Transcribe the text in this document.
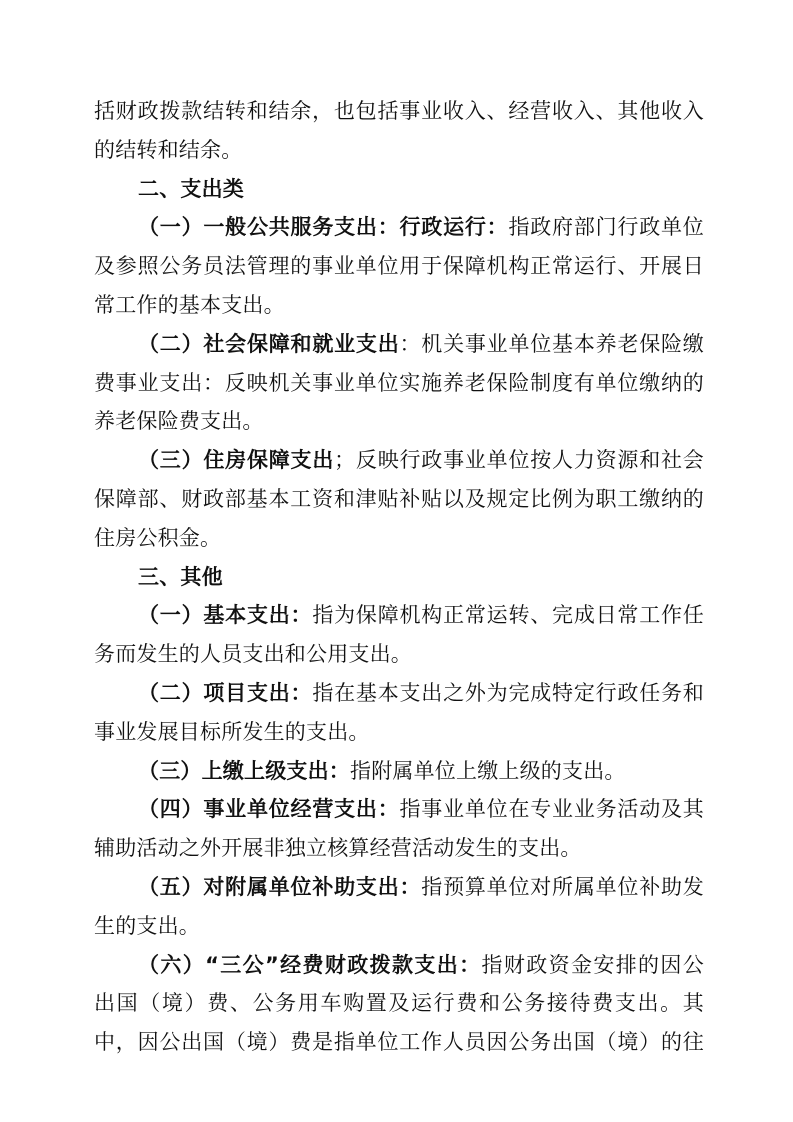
括财政拨款结转和结余，也包括事业收入、经营收入、其他收入
的结转和结余。
二、支出类
（一）一般公共服务支出：行政运行：指政府部门行政单位
及参照公务员法管理的事业单位用于保障机构正常运行、开展日
常工作的基本支出。
（二）社会保障和就业支出：机关事业单位基本养老保险缴
费事业支出：反映机关事业单位实施养老保险制度有单位缴纳的
养老保险费支出。
（三）住房保障支出；反映行政事业单位按人力资源和社会
保障部、财政部基本工资和津贴补贴以及规定比例为职工缴纳的
住房公积金。
三、其他
（一）基本支出：指为保障机构正常运转、完成日常工作任
务而发生的人员支出和公用支出。
（二）项目支出：指在基本支出之外为完成特定行政任务和
事业发展目标所发生的支出。
（三）上缴上级支出：指附属单位上缴上级的支出。
（四）事业单位经营支出：指事业单位在专业业务活动及其
辅助活动之外开展非独立核算经营活动发生的支出。
（五）对附属单位补助支出：指预算单位对所属单位补助发
生的支出。
（六）“三公”经费财政拨款支出：指财政资金安排的因公
出国（境）费、公务用车购置及运行费和公务接待费支出。其
中，因公出国（境）费是指单位工作人员因公务出国（境）的往
